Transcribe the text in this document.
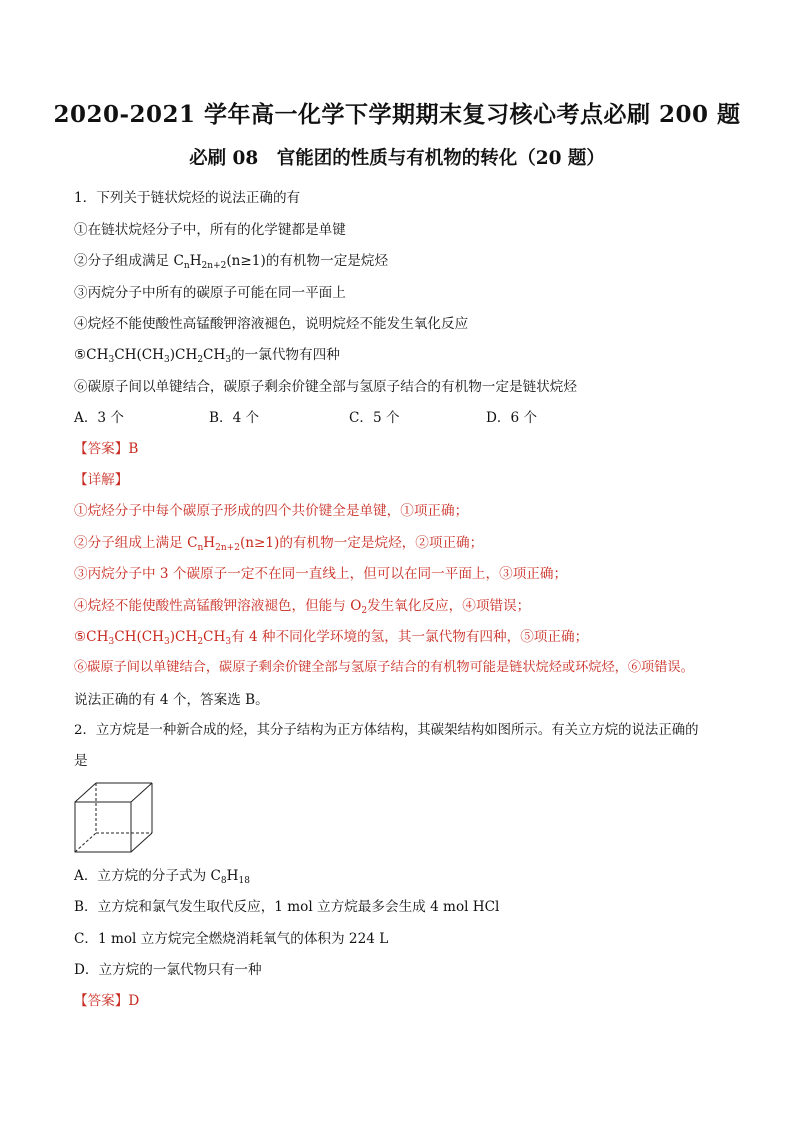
2020-2021 学年高一化学下学期期末复习核心考点必刷 200 题
必刷 08　官能团的性质与有机物的转化（20 题）
1．下列关于链状烷烃的说法正确的有
①在链状烷烃分子中，所有的化学键都是单键
②分子组成满足 $C_nH_{2n+2}(n\ge 1)$的有机物一定是烷烃
③丙烷分子中所有的碳原子可能在同一平面上
④烷烃不能使酸性高锰酸钾溶液褪色，说明烷烃不能发生氧化反应
$⑤CH_3CH(CH_3)CH_2CH_3$的一氯代物有四种
⑥碳原子间以单键结合，碳原子剩余价键全部与氢原子结合的有机物一定是链状烷烃
A．3 个	B．4 个	C．5 个	D．6 个
【答案】B
【详解】
①烷烃分子中每个碳原子形成的四个共价键全是单键，①项正确；
②分子组成上满足 $C_nH_{2n+2}(n\ge 1)$的有机物一定是烷烃，②项正确；
③丙烷分子中 3 个碳原子一定不在同一直线上，但可以在同一平面上，③项正确；
④烷烃不能使酸性高锰酸钾溶液褪色，但能与 $O_2$发生氧化反应，④项错误；
$⑤CH_3CH(CH_3)CH_2CH_3$有 4 种不同化学环境的氢，其一氯代物有四种，⑤项正确；
⑥碳原子间以单键结合，碳原子剩余价键全部与氢原子结合的有机物可能是链状烷烃或环烷烃，⑥项错误。
说法正确的有 4 个，答案选 B。
2．立方烷是一种新合成的烃，其分子结构为正方体结构，其碳架结构如图所示。有关立方烷的说法正确的
是
A．立方烷的分子式为 $C_8H_{18}$
B．立方烷和氯气发生取代反应，1 mol 立方烷最多会生成 4 mol HCl
C．1 mol 立方烷完全燃烧消耗氧气的体积为 224 L
D．立方烷的一氯代物只有一种
【答案】D
